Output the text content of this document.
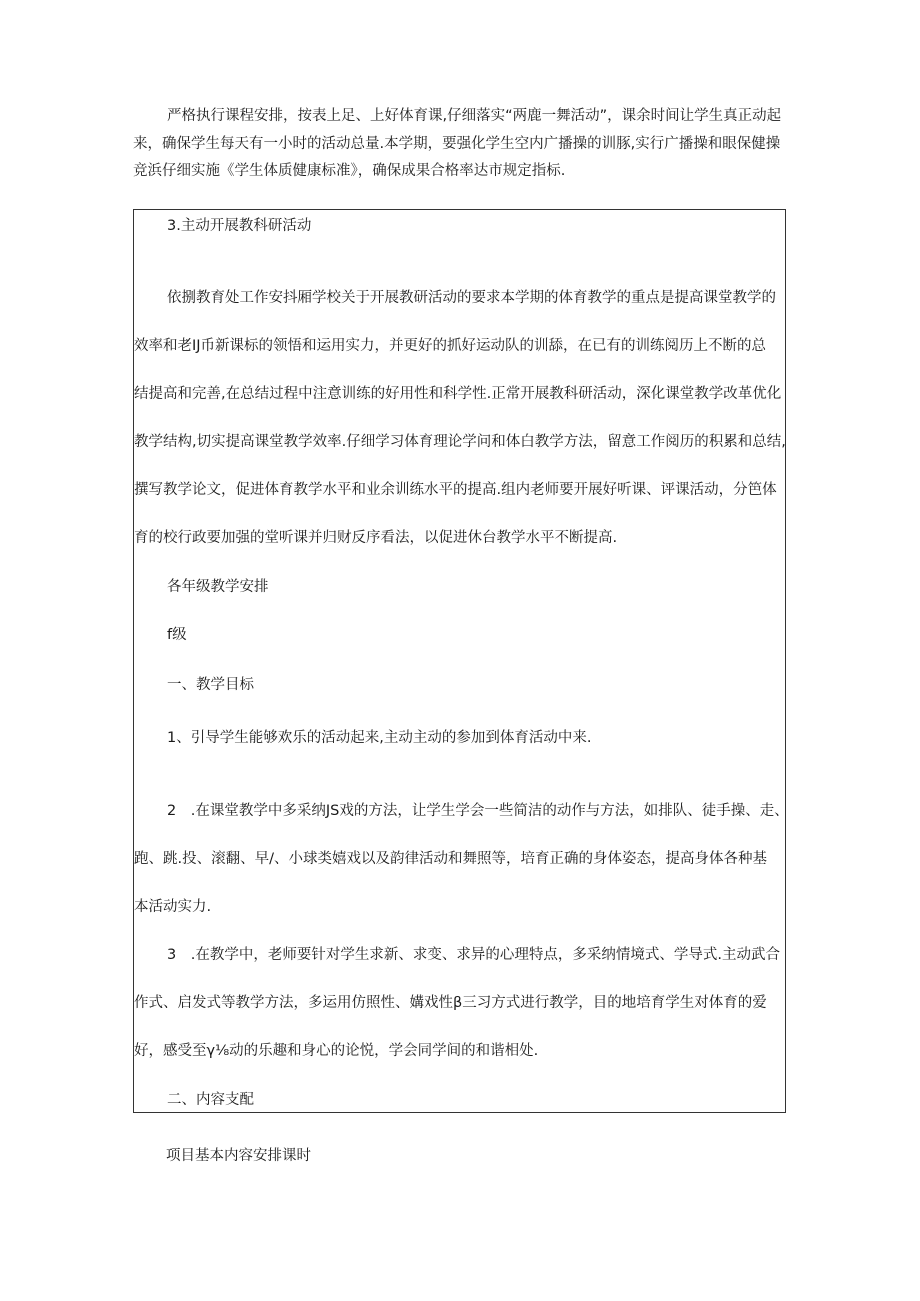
严格执行课程安排，按表上足、上好体育课,仔细落实“两鹿一舞活动”，课余时间让学生真正动起来，确保学生每天有一小时的活动总量.本学期，要强化学生空内广播操的训豚,实行广播操和眼保健操竞浜仔细实施《学生体质健康标准》，确保成果合格率达市规定指标.

3.主动开展教科研活动

依捌教育处工作安抖厢学校关于开展教研活动的要求本学期的体育教学的重点是提高课堂教学的

效率和老IJ币新课标的领悟和运用实力，并更好的抓好运动队的训舔，在已有的训练阅历上不断的总

结提高和完善,在总结过程中注意训练的好用性和科学性.正常开展教科研活动，深化课堂教学改革优化

教学结构,切实提高课堂教学效率.仔细学习体育理论学问和体白教学方法，留意工作阅历的积累和总结,

撰写教学论文，促进体育教学水平和业余训练水平的提高.组内老师要开展好听课、评课活动，分笆体

育的校行政要加强的堂听课并归财反序看法，以促进休台教学水平不断提高.

各年级教学安排

f级

一、教学目标

1、引导学生能够欢乐的活动起来,主动主动的参加到体育活动中来.

2　.在课堂教学中多采纳JS戏的方法，让学生学会一些简洁的动作与方法，如排队、徒手操、走、

跑、跳.投、滚翻、早/、小球类嬉戏以及韵律活动和舞照等，培育正确的身体姿态，提高身体各种基

本活动实力.

3　.在教学中，老师要针对学生求新、求变、求异的心理特点，多采纳情境式、学导式.主动武合

作式、启发式等教学方法，多运用仿照性、媾戏性β三习方式进行教学，目的地培育学生对体育的爱

好，感受至γ⅛动的乐趣和身心的论悦，学会同学间的和谐相处.

二、内容支配

项目基本内容安排课时
